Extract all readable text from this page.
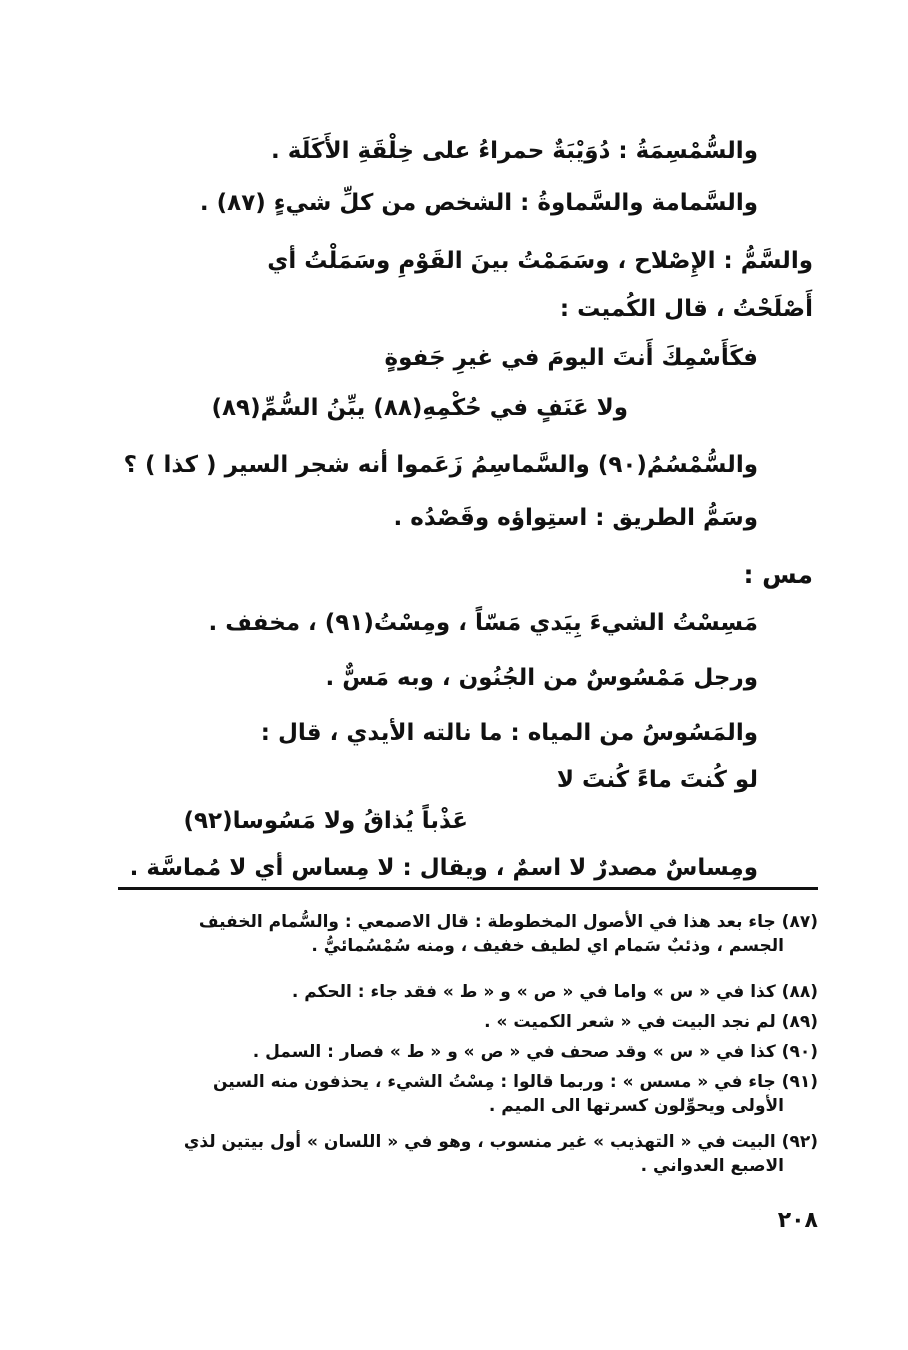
والسُّمْسِمَةُ : دُوَيْبَةٌ حمراءُ على خِلْقَةِ الأَكَلَة .
والسَّمامة والسَّماوةُ : الشخص من كلِّ شيءٍ (٨٧) .
والسَّمُّ : الإِصْلاح ، وسَمَمْتُ بينَ القَوْمِ وسَمَلْتُ أي
أَصْلَحْتُ ، قال الكُميت :
فكَأَسْمِكَ أَنتَ اليومَ في غيرِ جَفوةٍ
ولا عَنَفٍ في حُكْمِهِ(٨٨) يبِّنُ السُّمِّ(٨٩)
والسُّمْسُمُ(٩٠) والسَّماسِمُ زَعَموا أنه شجر السير ( كذا ) ؟
وسَمُّ الطريق : استِواؤه وقَصْدُه .
مس :
مَسِسْتُ الشيءَ بِيَدي مَسّاً ، ومِسْتُ(٩١) ، مخفف .
ورجل مَمْسُوسٌ من الجُنُون ، وبه مَسٌّ .
والمَسُوسُ من المياه : ما نالته الأيدي ، قال :
لو كُنتَ ماءً كُنتَ لا
عَذْباً يُذاقُ ولا مَسُوسا(٩٢)
ومِساسٌ مصدرٌ لا اسمٌ ، ويقال : لا مِساس أي لا مُماسَّة .
(٨٧) جاء بعد هذا في الأصول المخطوطة : قال الاصمعي : والسُّمام الخفيف
الجسم ، وذئبٌ سَمام اي لطيف خفيف ، ومنه سُمْسُمائيُّ .
(٨٨) كذا في « س » واما في « ص » و « ط » فقد جاء : الحكم .
(٨٩) لم نجد البيت في « شعر الكميت » .
(٩٠) كذا في « س » وقد صحف في « ص » و « ط » فصار : السمل .
(٩١) جاء في « مسس » : وربما قالوا : مِسْتُ الشيء ، يحذفون منه السين
الأولى ويحوِّلون كسرتها الى الميم .
(٩٢) البيت في « التهذيب » غير منسوب ، وهو في « اللسان » أول بيتين لذي
الاصبع العدواني .
٢٠٨
